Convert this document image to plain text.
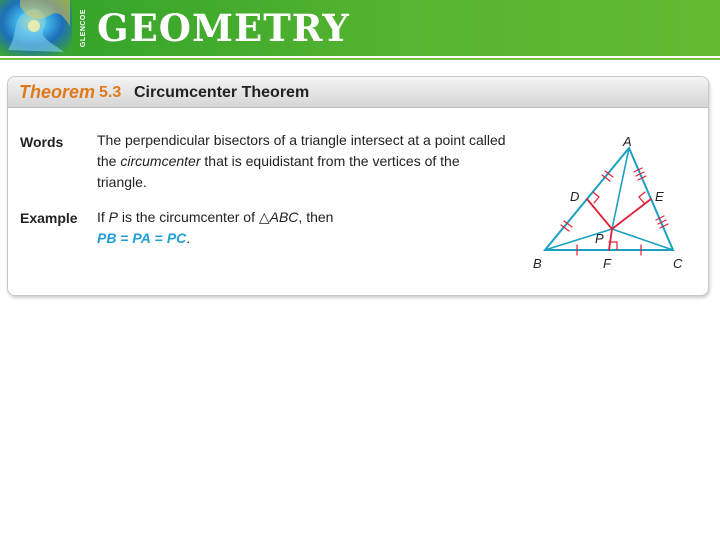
GLENCOE GEOMETRY
Theorem 5.3 Circumcenter Theorem
Words The perpendicular bisectors of a triangle intersect at a point called the circumcenter that is equidistant from the vertices of the triangle.
Example If P is the circumcenter of △ABC, then
PB = PA = PC.
A
B	C
D	E
F
P
